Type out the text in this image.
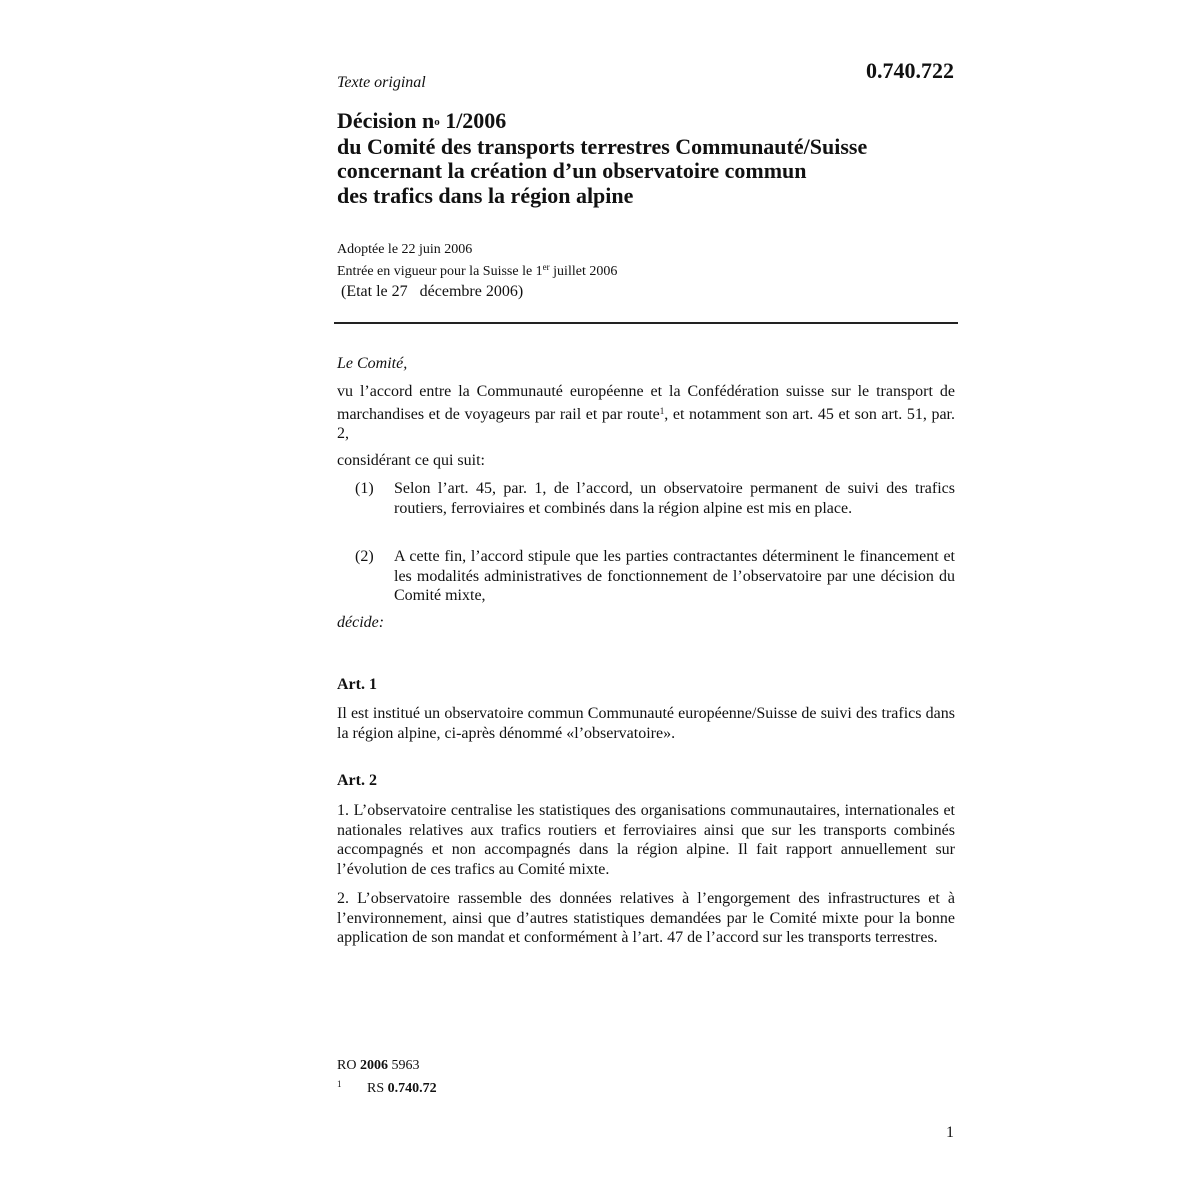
0.740.722
Texte original
Décision $n^o$ 1/2006
du Comité des transports terrestres Communauté/Suisse
concernant la création d’un observatoire commun
des trafics dans la région alpine
Adoptée le 22 juin 2006
Entrée en vigueur pour la Suisse le 1er juillet 2006
(Etat le 27   décembre 2006)
Le Comité,
vu l’accord entre la Communauté européenne et la Confédération suisse sur le transport de marchandises et de voyageurs par rail et par route$^1$, et notamment son art. 45 et son art. 51, par. 2,
considérant ce qui suit:
(1)	Selon l’art. 45, par. 1, de l’accord, un observatoire permanent de suivi des trafics routiers, ferroviaires et combinés dans la région alpine est mis en place.
(2)	A cette fin, l’accord stipule que les parties contractantes déterminent le financement et les modalités administratives de fonctionnement de l’observatoire par une décision du Comité mixte,
décide:
Art. 1
Il est institué un observatoire commun Communauté européenne/Suisse de suivi des trafics dans la région alpine, ci-après dénommé «l’observatoire».
Art. 2
1. L’observatoire centralise les statistiques des organisations communautaires, internationales et nationales relatives aux trafics routiers et ferroviaires ainsi que sur les transports combinés accompagnés et non accompagnés dans la région alpine. Il fait rapport annuellement sur l’évolution de ces trafics au Comité mixte.
2. L’observatoire rassemble des données relatives à l’engorgement des infrastructures et à l’environnement, ainsi que d’autres statistiques demandées par le Comité mixte pour la bonne application de son mandat et conformément à l’art. 47 de l’accord sur les transports terrestres.
RO 2006 5963
$^1$ RS 0.740.72
1
